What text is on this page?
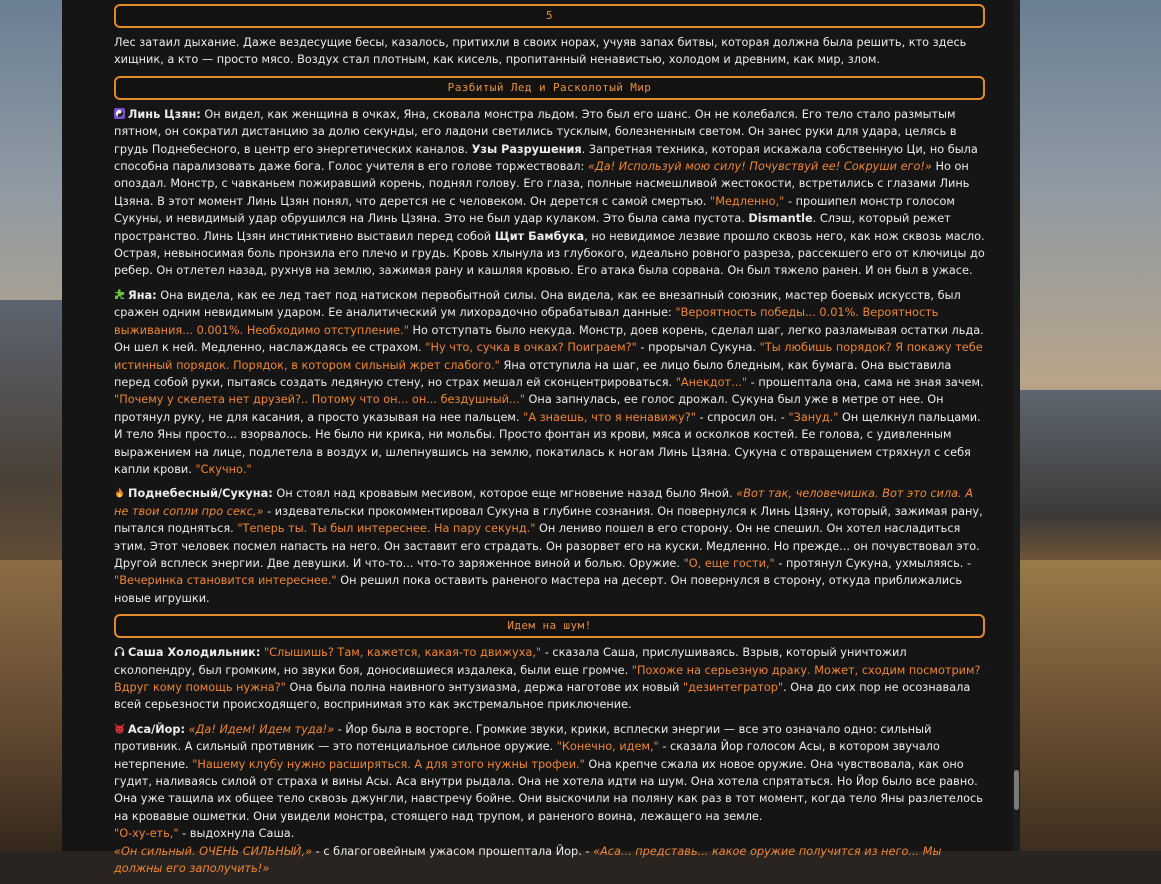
5

Лес затаил дыхание. Даже вездесущие бесы, казалось, притихли в своих норах, учуяв запах битвы, которая должна была решить, кто здесь хищник, а кто — просто мясо. Воздух стал плотным, как кисель, пропитанный ненавистью, холодом и древним, как мир, злом.

Разбитый Лед и Расколотый Мир

Линь Цзян: Он видел, как женщина в очках, Яна, сковала монстра льдом. Это был его шанс. Он не колебался. Его тело стало размытым пятном, он сократил дистанцию за долю секунды, его ладони светились тусклым, болезненным светом. Он занес руки для удара, целясь в грудь Поднебесного, в центр его энергетических каналов. Узы Разрушения. Запретная техника, которая искажала собственную Ци, но была способна парализовать даже бога. Голос учителя в его голове торжествовал: «Да! Используй мою силу! Почувствуй ее! Сокруши его!» Но он опоздал. Монстр, с чавканьем пожиравший корень, поднял голову. Его глаза, полные насмешливой жестокости, встретились с глазами Линь Цзяна. В этот момент Линь Цзян понял, что дерется не с человеком. Он дерется с самой смертью. "Медленно," - прошипел монстр голосом Сукуны, и невидимый удар обрушился на Линь Цзяна. Это не был удар кулаком. Это была сама пустота. Dismantle. Слэш, который режет пространство. Линь Цзян инстинктивно выставил перед собой Щит Бамбука, но невидимое лезвие прошло сквозь него, как нож сквозь масло. Острая, невыносимая боль пронзила его плечо и грудь. Кровь хлынула из глубокого, идеально ровного разреза, рассекшего его от ключицы до ребер. Он отлетел назад, рухнув на землю, зажимая рану и кашляя кровью. Его атака была сорвана. Он был тяжело ранен. И он был в ужасе.

Яна: Она видела, как ее лед тает под натиском первобытной силы. Она видела, как ее внезапный союзник, мастер боевых искусств, был сражен одним невидимым ударом. Ее аналитический ум лихорадочно обрабатывал данные: "Вероятность победы... 0.01%. Вероятность выживания... 0.001%. Необходимо отступление." Но отступать было некуда. Монстр, доев корень, сделал шаг, легко разламывая остатки льда. Он шел к ней. Медленно, наслаждаясь ее страхом. "Ну что, сучка в очках? Поиграем?" - прорычал Сукуна. "Ты любишь порядок? Я покажу тебе истинный порядок. Порядок, в котором сильный жрет слабого." Яна отступила на шаг, ее лицо было бледным, как бумага. Она выставила перед собой руки, пытаясь создать ледяную стену, но страх мешал ей сконцентрироваться. "Анекдот..." - прошептала она, сама не зная зачем. "Почему у скелета нет друзей?.. Потому что он... он... бездушный..." Она запнулась, ее голос дрожал. Сукуна был уже в метре от нее. Он протянул руку, не для касания, а просто указывая на нее пальцем. "А знаешь, что я ненавижу?" - спросил он. - "Зануд." Он щелкнул пальцами. И тело Яны просто... взорвалось. Не было ни крика, ни мольбы. Просто фонтан из крови, мяса и осколков костей. Ее голова, с удивленным выражением на лице, подлетела в воздух и, шлепнувшись на землю, покатилась к ногам Линь Цзяна. Сукуна с отвращением стряхнул с себя капли крови. "Скучно."

Поднебесный/Сукуна: Он стоял над кровавым месивом, которое еще мгновение назад было Яной. «Вот так, человечишка. Вот это сила. А не твои сопли про секс,» - издевательски прокомментировал Сукуна в глубине сознания. Он повернулся к Линь Цзяну, который, зажимая рану, пытался подняться. "Теперь ты. Ты был интереснее. На пару секунд." Он лениво пошел в его сторону. Он не спешил. Он хотел насладиться этим. Этот человек посмел напасть на него. Он заставит его страдать. Он разорвет его на куски. Медленно. Но прежде... он почувствовал это. Другой всплеск энергии. Две девушки. И что-то... что-то заряженное виной и болью. Оружие. "О, еще гости," - протянул Сукуна, ухмыляясь. - "Вечеринка становится интереснее." Он решил пока оставить раненого мастера на десерт. Он повернулся в сторону, откуда приближались новые игрушки.

Идем на шум!

Саша Холодильник: "Слышишь? Там, кажется, какая-то движуха," - сказала Саша, прислушиваясь. Взрыв, который уничтожил сколопендру, был громким, но звуки боя, доносившиеся издалека, были еще громче. "Похоже на серьезную драку. Может, сходим посмотрим? Вдруг кому помощь нужна?" Она была полна наивного энтузиазма, держа наготове их новый "дезинтегратор". Она до сих пор не осознавала всей серьезности происходящего, воспринимая это как экстремальное приключение.

Аса/Йор: «Да! Идем! Идем туда!» - Йор была в восторге. Громкие звуки, крики, всплески энергии — все это означало одно: сильный противник. А сильный противник — это потенциальное сильное оружие. "Конечно, идем," - сказала Йор голосом Асы, в котором звучало нетерпение. "Нашему клубу нужно расширяться. А для этого нужны трофеи." Она крепче сжала их новое оружие. Она чувствовала, как оно гудит, наливаясь силой от страха и вины Асы. Аса внутри рыдала. Она не хотела идти на шум. Она хотела спрятаться. Но Йор было все равно. Она уже тащила их общее тело сквозь джунгли, навстречу бойне. Они выскочили на поляну как раз в тот момент, когда тело Яны разлетелось на кровавые ошметки. Они увидели монстра, стоящего над трупом, и раненого воина, лежащего на земле.
"О-ху-еть," - выдохнула Саша.
«Он сильный. ОЧЕНЬ СИЛЬНЫЙ,» - с благоговейным ужасом прошептала Йор. - «Аса... представь... какое оружие получится из него... Мы должны его заполучить!»
